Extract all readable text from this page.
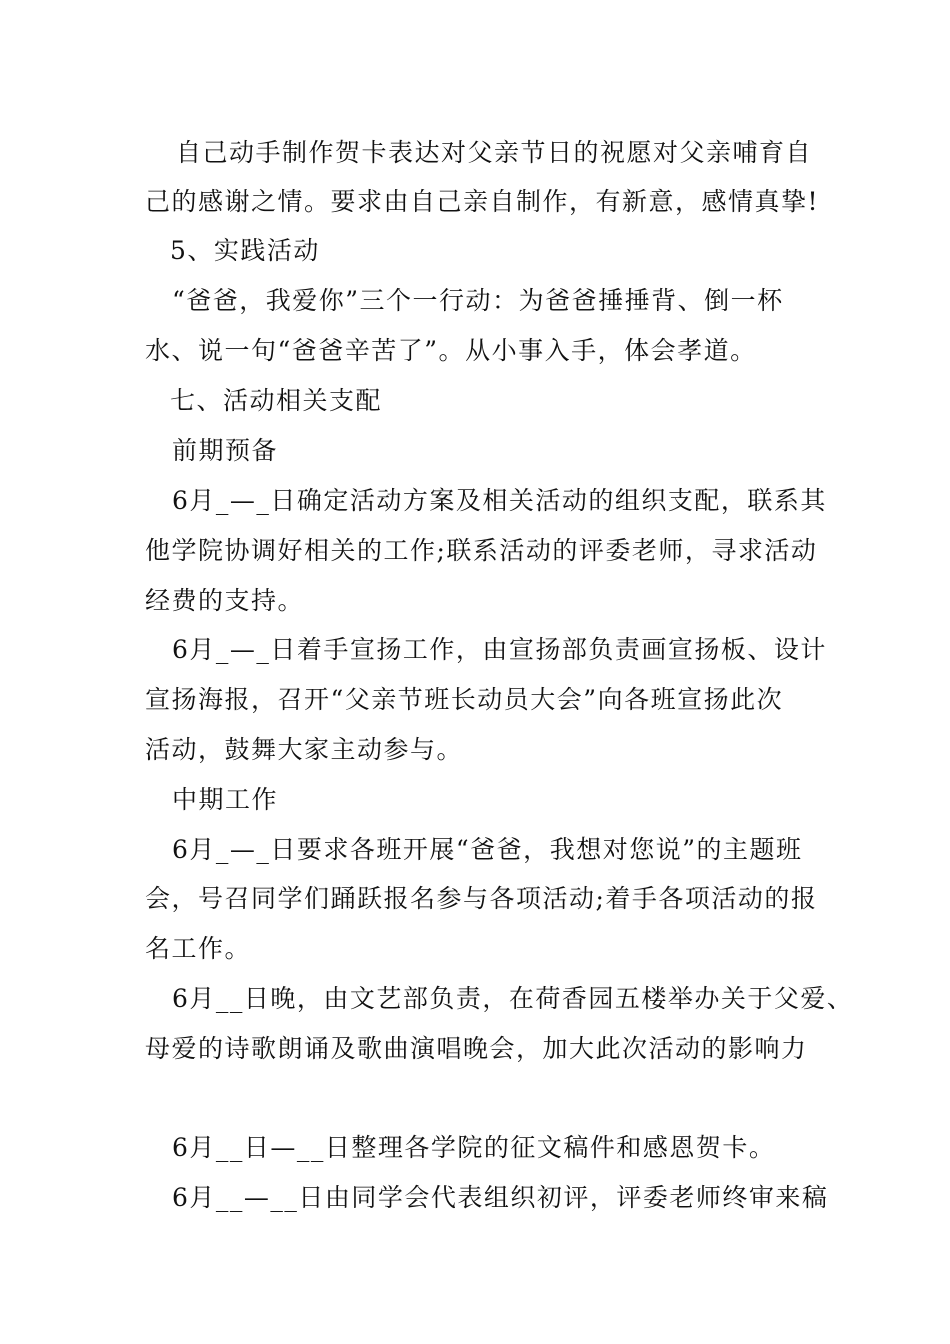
自己动手制作贺卡表达对父亲节日的祝愿对父亲哺育自
己的感谢之情。要求由自己亲自制作，有新意，感情真挚!
5、实践活动
“爸爸，我爱你”三个一行动：为爸爸捶捶背、倒一杯
水、说一句“爸爸辛苦了”。从小事入手，体会孝道。
七、活动相关支配
前期预备
6月_—_日确定活动方案及相关活动的组织支配，联系其
他学院协调好相关的工作;联系活动的评委老师，寻求活动
经费的支持。
6月_—_日着手宣扬工作，由宣扬部负责画宣扬板、设计
宣扬海报，召开“父亲节班长动员大会”向各班宣扬此次
活动，鼓舞大家主动参与。
中期工作
6月_—_日要求各班开展“爸爸，我想对您说”的主题班
会，号召同学们踊跃报名参与各项活动;着手各项活动的报
名工作。
6月__日晚，由文艺部负责，在荷香园五楼举办关于父爱、
母爱的诗歌朗诵及歌曲演唱晚会，加大此次活动的影响力
6月__日—__日整理各学院的征文稿件和感恩贺卡。
6月__—__日由同学会代表组织初评，评委老师终审来稿
